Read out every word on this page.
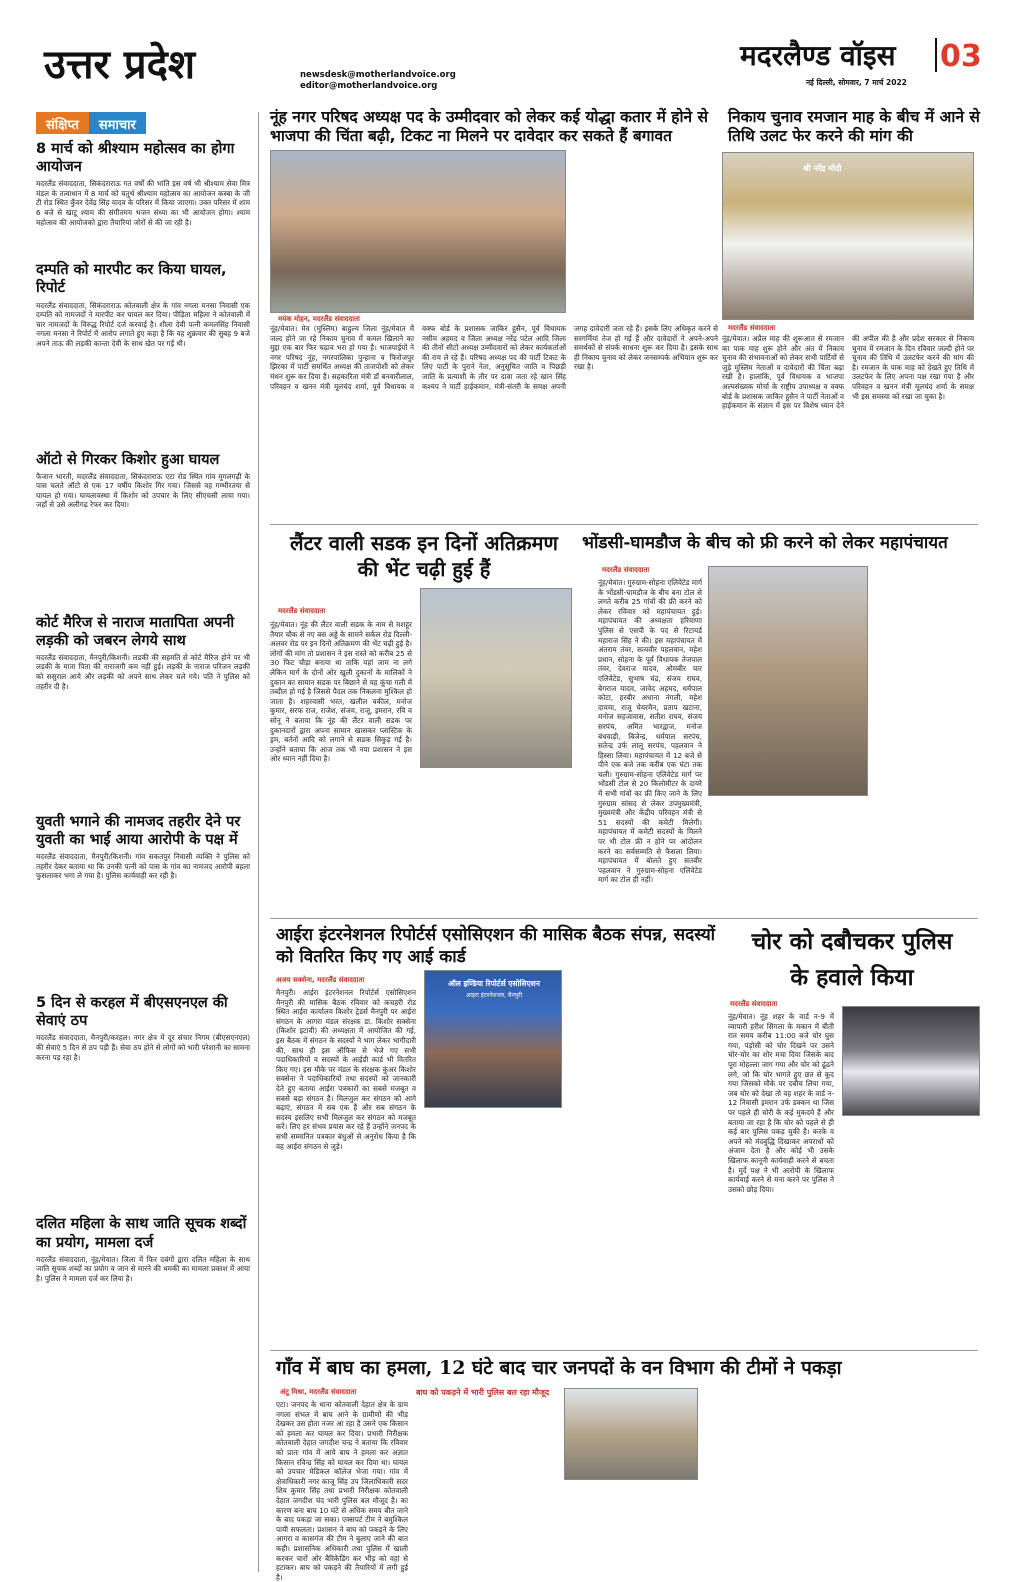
उत्तर प्रदेश	newsdesk@motherlandvoice.org
editor@motherlandvoice.org
मदरलैण्ड वॉइस 03
नई दिल्ली, सोमवार, 7 मार्च 2022
संक्षिप्त	समाचार
8 मार्च को श्रीश्याम महोत्सव का होगा आयोजन
मदरलैंड संवाददाता, सिकंदराराऊ गत वर्षों की भांति इस वर्ष भी श्रीश्याम सेवा मित्र मंडल के तत्वाधान में 8 मार्च को चतुर्थ श्रीश्याम महोत्सव का आयोजन कस्बा के जी टी रोड स्थित कुँवर देवेंद्र सिंह यादव के परिसर में किया जाएगा। उक्त परिसर में शाम 6 बजे से खाटू श्याम की संगीतमय भजन संध्या का भी आयोजन होगा। श्याम महोत्सव की आयोजको द्वारा तैयारियां जोरों से की जा रही है।
दम्पति को मारपीट कर किया घायल, रिपोर्ट
मदरलैंड संवाददाता, सिकंदराराऊ कोतवाली क्षेत्र के गांव नगला मनसा निवासी एक दम्पति को नामजदों ने मारपीट कर घायल कर दिया। पीड़िता महिला ने कोतवाली में चार नामजदों के विरुद्ध रिपोर्ट दर्ज करवाई है। शीला देवी पत्नी कमलसिंह निवासी नगला मनसा ने रिपोर्ट में आरोप लगाते हुए कहा है कि वह शुक्रवार की सुबह 9 बजे अपने ताऊ की लड़की कान्ता देवी के साथ खेत पर गई थी।
ऑटो से गिरकर किशोर हुआ घायल
फैजान भारती, मदरलैंड संवाददाता, सिकंदराराऊ एटा रोड स्थित गांव मुगलगढ़ी के पास चलते ऑटो से एक 17 वर्षीय किशोर गिर गया। जिससे वह गम्भीरतया से घायल हो गया। घायलावस्था में किशोर को उपचार के लिए सीएचसी लाया गया। जहाँ से उसे अलीगढ़ रेफर कर दिया।
कोर्ट मैरिज से नाराज मातापिता अपनी लड़की को जबरन लेगये साथ
मदरलैंड संवाददाता, मैनपुरी/किशनी। लडकी की सहमति से कोर्ट मैरिज होने पर भी लड़की के माता पिता की नाराजगी कम नहीं हुई। लड़की के नाराज परिजन लड़की को ससुराल आये और लड़की को अपने साथ लेकर चले गये। पति ने पुलिस को तहरीर दी है।
युवती भगाने की नामजद तहरीर देने पर युवती का भाई आया आरोपी के पक्ष में
मदरलैंड संवाददाता, मैनपुरी/किशनी। गांव सकतपुर निवासी व्यक्ति ने पुलिस को तहरीर देकर बताया था कि उनकी पत्नी को पास के गांव का नामजद आरोपी बहला फुसलाकर भगा ले गया है। पुलिस कार्यवाही कर रही है।
5 दिन से करहल में बीएसएनएल की सेवाएं ठप
मदरलैंड संवाददाता, मैनपुरी/करहल। नगर क्षेत्र में दूर संचार निगम (बीएसएनएल) की सेवाएं 5 दिन से ठप पड़ी हैं। सेवा ठप होने से लोगों को भारी परेशानी का सामना करना पड़ रहा है।
दलित महिला के साथ जाति सूचक शब्दों का प्रयोग, मामला दर्ज
मदरलैंड संवाददाता, नूंह/मेवात। जिला में फिर दबंगों द्वारा दलित महिला के साथ जाति सूचक शब्दों का प्रयोग व जान से मारने की धमकी का मामला प्रकाश में आया है। पुलिस ने मामला दर्ज कर लिया है।
नूंह नगर परिषद अध्यक्ष पद के उम्मीदवार को लेकर कई योद्धा कतार में होने से भाजपा की चिंता बढ़ी, टिकट ना मिलने पर दावेदार कर सकते हैं बगावत
मयंक मोहन, मदरलैंड संवाददाता
नूंह/मेवात। मेव (मुस्लिम) बाहुल्य जिला नूंह/मेवात में जल्द होने जा रहे निकाय चुनाव में कमल खिलाने का मुद्दा एक बार फिर चढ़ाव भरा हो गया है। भाजपाईयों ने नगर परिषद नूंह, नगरपालिका पुन्हाना व फिरोजपुर झिरका में पार्टी समर्थित अध्यक्ष की ताजपोशी को लेकर मंथन शुरू कर दिया है। सहकारिता मंत्री डॉ बनवारीलाल, परिवहन व खनन मंत्री मूलचंद शर्मा, पूर्व विधायक व वक्फ बोर्ड के प्रशासक जाकिर हुसैन, पूर्व विधायक नसीम अहमद व जिला अध्यक्ष नरेंद्र पटेल आदि जिला की तीनों सीटों अध्यक्ष उम्मीदवारों को लेकर कार्यकर्ताओं की राय ले रहे हैं। परिषद अध्यक्ष पद की पार्टी टिकट के लिए पार्टी के पुराने नेता, अनुसूचित जाति व पिछड़ी जाति के प्रत्याशी के तौर पर दावा जता रहे खान सिंह कश्यप ने पार्टी हाईकमान, मंत्री-संतरी के समक्ष अपनी जगह दावेदारी जता रहे हैं। इसके लिए अधिकृत करने से सरगर्मियां तेज हो गई हैं और दावेदारों ने अपने-अपने समर्थकों से संपर्क साधना शुरू कर दिया है। इसके साथ ही निकाय चुनाव को लेकर जनसम्पर्क अभियान शुरू कर रखा है।
निकाय चुनाव रमजान माह के बीच में आने से तिथि उलट फेर करने की मांग की
श्री नरेंद्र मोदी
मदरलैंड संवाददाता
नूंह/मेवात। अप्रैल माह की शुरूआत से रमजान का पाक माह शुरू होने और अंत में निकाय चुनाव की संभावनाओं को लेकर सभी पार्टियों से जुड़े मुस्लिम नेताओं व दावेदारों की चिंता बढ़ा रखी है। हालांकि, पूर्व विधायक व भाजपा अल्पसंख्यक मोर्चा के राष्ट्रीय उपाध्यक्ष व वक्फ बोर्ड के प्रशासक जाकिर हुसैन ने पार्टी नेताओं व हाईकमान के संज्ञान में इस पर विशेष ध्यान देने की अपील की है और प्रदेश सरकार से निकाय चुनाव में रमजान के दिन रविवार जल्दी होने पर चुनाव की तिथि में उलटफेर करने की मांग की है। रमजान के पाक माह को देखते हुए तिथि में उलटफेर के लिए अपना पक्ष रखा गया है और परिवहन व खनन मंत्री मूलचंद शर्मा के समक्ष भी इस समस्या को रखा जा चुका है।
लैंटर वाली सडक इन दिनों अतिक्रमण की भेंट चढ़ी हुई हैं
मदरलैंड संवाददाता
नूंह/मेवात। नूंह की लैंटर वाली सडक के नाम से मशहूर तैयार चौक से नए बस अड्डे के सामने सर्कल रोड दिल्ली-अलवर रोड पर इन दिनों अतिक्रमण की भेंट चढ़ी हुई है। लोगों की मांग तो प्रशासन ने इस रास्ते को करीब 25 से 30 फिट चौड़ा बनाया था ताकि यहां जाम ना लगे लेकिन मार्ग के दोनों ओर खुली दुकानों के मालिकों ने दुकान का सामान सडक पर बिछाने से यह कूंचा गली में तब्दील हो गई है जिससे पैदल तक निकलना मुश्किल हो जाता है। शहरवासी भरत, खलील वकील, मनोज कुमार, सरफ राज, राजेश, संजय, राजू, इमरान, रवि व सोनू ने बताया कि नूंह की लैंटर वाली सडक पर दुकानदारों द्वारा अपना सामान खासकर प्लास्टिक के ड्रम, बर्तनों आदि को लगाने से सडक सिकुड़ गई है। उन्होंने बताया कि आज तक भी नपा प्रशासन ने इस ओर ध्यान नहीं दिया है।
भोंडसी-घामडौज के बीच को फ्री करने को लेकर महापंचायत
मदरलैंड संवाददाता
नूंह/मेवात। गुरुग्राम-सोहना एलिवेटेड मार्ग के भोंडसी-घामडौज के बीच बना टोल से लगते करीब 25 गांवों की फ्री करने को लेकर रविवार को महापंचायत हुई। महापंचायत की अध्यक्षता हरियाणा पुलिस से एसपी के पद से रिटायर्ड महाराज सिंह ने की। इस महापंचायत में अंतराम तंवर, सत्यवीर पहलवान, महेश प्रधान, सोहना के पूर्व विधायक तेजपाल तंवर, देवराज यादव, ओमबीर चार एलिवेटेड, सुभाष चंद्र, संजय राघव, बेगराज यादव, जावेद अहमद, धर्मपाल कोटा, हरबीर अधाना नंगली, महेश दायमा, राजू चेयरमैन, प्रताप खटाना, मनोज सहजावास, सतीश राघव, संजय सरपंच, अमित भारद्वाज, मनोज बंधवाड़ी, बिजेन्द्र, धर्मपाल सरपंच, सतेन्द्र उर्फ लालू सरपंच, पहलवान ने हिस्सा लिया। महापंचायत में 12 बजे से पीने एक बजे तक करीब एक घंटा तक चली। गुरुग्राम-सोहना एलिवेटेड मार्ग पर भोंडसी टोल से 20 किलोमीटर के दायरे में सभी गांवों का फ्री किए जाने के लिए गुरुग्राम सांसद से लेकर उपमुख्यमंत्री, मुख्यमंत्री और केंद्रीय परिवहन मंत्री से 51 सदस्यों की कमेटी मिलेगी। महापंचायत में कमेटी सदस्यों के मिलने पर भी टोल फ्री न होने पर आंदोलन करने का सर्वसम्मति से फैसला लिया। महापंचायत में बोलते हुए सतबीर पहलवान ने गुरुग्राम-सोहना एलिवेटेड मार्ग का टोल ही नहीं।
आईरा इंटरनेशनल रिपोर्टर्स एसोसिएशन की मासिक बैठक संपन्न, सदस्यों को वितरित किए गए आई कार्ड
अजय सक्सेना, मदरलैंड संवाददाता	ऑल इण्डिया रिपोर्टर्स एसोसिएशन
आइरा इंटरनेशनल, मैनपुरी
मैनपुरी। आईरा इंटरनेशनल रिपोर्टर्स एसोसिएशन मैनपुरी की मासिक बैठक रविवार को कचहरी रोड स्थित आईरा कार्यालय किशोर ट्रेडर्स मैनपुरी पर आईरा संगठन के आगरा मंडल संरक्षक डा. किशोर सक्सेना (किशोर इटावी) की अध्यक्षता में आयोजित की गई, इस बैठक में संगठन के सदस्यों ने भाग लेकर भागीदारी की, साथ ही इस ऑफिस से भेजे गए सभी पदाधिकारियों व सदस्यों के आईडी कार्ड भी वितरित किए गए। इस मौके पर मंडल के संरक्षक कुंअर किशोर सक्सेना ने पदाधिकारियों तथा सदस्यों को जानकारी देते हुए बताया आईरा पत्रकारों का सबसे मजबूत व सबसे बड़ा संगठन है। मिलजुल कर संगठन को आगे बढ़ाएं, संगठन में सब एक हैं और सब संगठन के सदस्य इसलिए सभी मिलजुल कर संगठन को मजबूत करें। लिए हर संभव प्रयास कर रहे हैं उन्होंने जनपद के सभी सम्मानित पत्रकार बंधुओं से अनुरोध किया है कि वह आईरा संगठन से जुड़े।
चोर को दबौचकर पुलिस के हवाले किया
मदरलैंड संवाददाता
नूंह/मेवात। नूंह शहर के वार्ड न-9 में व्यापारी हरीश सिंगला के मकान में बीती रात समय करीब 11:00 बजे चोर घुस गया, पड़ोसी को चोर दिखने पर उसने चोर-चोर का शोर मचा दिया जिसके बाद पूरा मोहल्ला जाग गया और चोर को ढूंढने लगे, जो कि चोर भागते हुए छत से कूद गया जिसको मौके पर दबौच लिया गया, जब चोर को देखा तो वह शहर के वार्ड न- 12 निवासी इमरान उर्फ डक्कन था जिस पर पहले ही चोरी के कई मुकदमे हैं और बताया जा रहा है कि चोर को पहले से ही कई बार पुलिस पकड़ चुकी है। करके व अपने को मंदबुद्धि दिखाकर अपराधों को अंजाम देता है और कोई भी उसके खिलाफ कानूनी कार्यवाही करने से बचता है। मुर्दे पक्ष ने भी आरोपी के खिलाफ कार्यवाई करने से मना करने पर पुलिस ने उसको छोड़ दिया।
गाँव में बाघ का हमला, 12 घंटे बाद चार जनपदों के वन विभाग की टीमों ने पकड़ा
अंटू मिश्रा, मदरलैंड संवाददाता
एटा। जनपद के थाना कोतवाली देहात क्षेत्र के ग्राम नगला संभल में बाघ आने के ग्रामीणों की भीड़ देखकर उस होता नजर आ रहा है उसने एक किसान को हमला कर घायल कर दिया। प्रभारी निरीक्षक कोतवाली देहात जगदीश चन्द्र ने बताया कि रविवार को प्रातः गांव में आये बाघ ने हमला कर अज्ञात किसान रविन्द्र सिंह को घायल कर दिया था। घायल को उपचार मेडिकल कॉलेज भेजा गया। गांव में क्षेत्राधिकारी नगर काजू सिंह उप जिलाधिकारी सदर शिव कुमार सिंह तथा प्रभारी निरीक्षक कोतवाली देहात जगदीश चंद भारी पुलिस बल मौजूद है। का कारण बना बाघ 10 घंटे से अधिक समय बीत जाने के बाद पकड़ा जा सका। एक्सपर्ट टीम ने बमुश्किल पायी सफलता। प्रशासन ने बाघ को पकड़ने के लिए आगरा व कासगंज की टीम ने बुलाए जाने की बात कही। प्रशासनिक अधिकारी तथा पुलिस में खाली करकर चारों ओर बैरिकेडिंग कर भीड़ को वहां से हटाकर। बाघ को पकड़ने की तैयारियों में लगी हुई है।
बाघ को पकड़ने में भारी पुलिस बल रहा मौजूद
